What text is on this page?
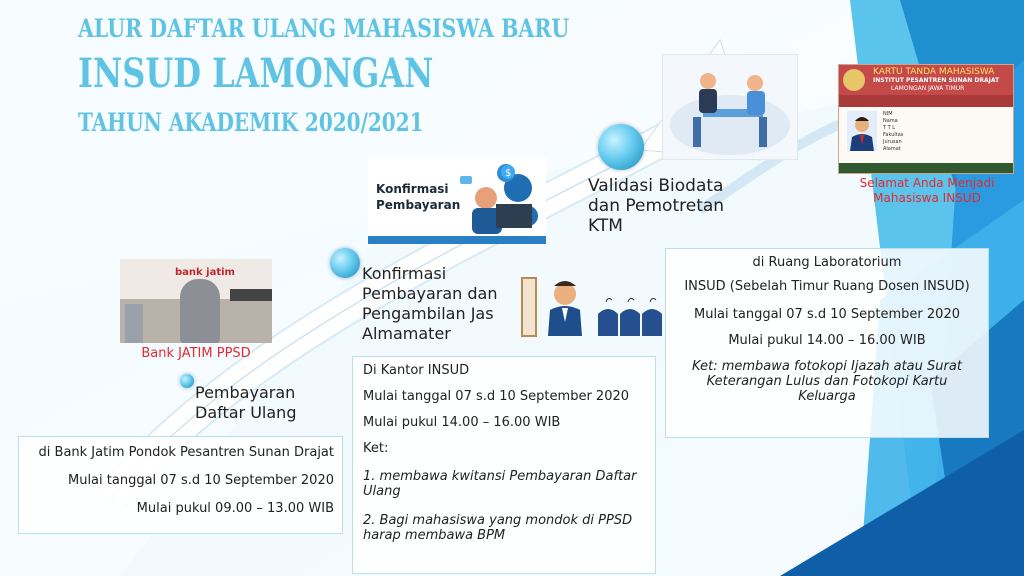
ALUR DAFTAR ULANG MAHASISWA BARU
INSUD LAMONGAN
TAHUN AKADEMIK 2020/2021
bank jatim
Bank JATIM PPSD
Pembayaran Daftar Ulang

di Bank Jatim Pondok Pesantren Sunan Drajat

Mulai tanggal 07 s.d 10 September 2020

Mulai pukul 09.00 – 13.00 WIB

$
Konfirmasi
Pembayaran
Konfirmasi Pembayaran dan Pengambilan Jas Almamater

Di Kantor INSUD

Mulai tanggal 07 s.d 10 September 2020

Mulai pukul 14.00 – 16.00 WIB

Ket:

1. membawa kwitansi Pembayaran Daftar Ulang

2. Bagi mahasiswa yang mondok di PPSD harap membawa BPM

Validasi Biodata dan Pemotretan KTM

di Ruang Laboratorium

INSUD (Sebelah Timur Ruang Dosen INSUD)

Mulai tanggal 07 s.d 10 September 2020

Mulai pukul 14.00 – 16.00 WIB

Ket: membawa fotokopi Ijazah atau Surat Keterangan Lulus dan Fotokopi Kartu Keluarga

KARTU TANDA MAHASISWA
INSTITUT PESANTREN SUNAN DRAJAT
LAMONGAN JAWA TIMUR
NIM
Nama
T T L
Fakultas
Jurusan
Alamat
Selamat Anda Menjadi Mahasiswa INSUD
